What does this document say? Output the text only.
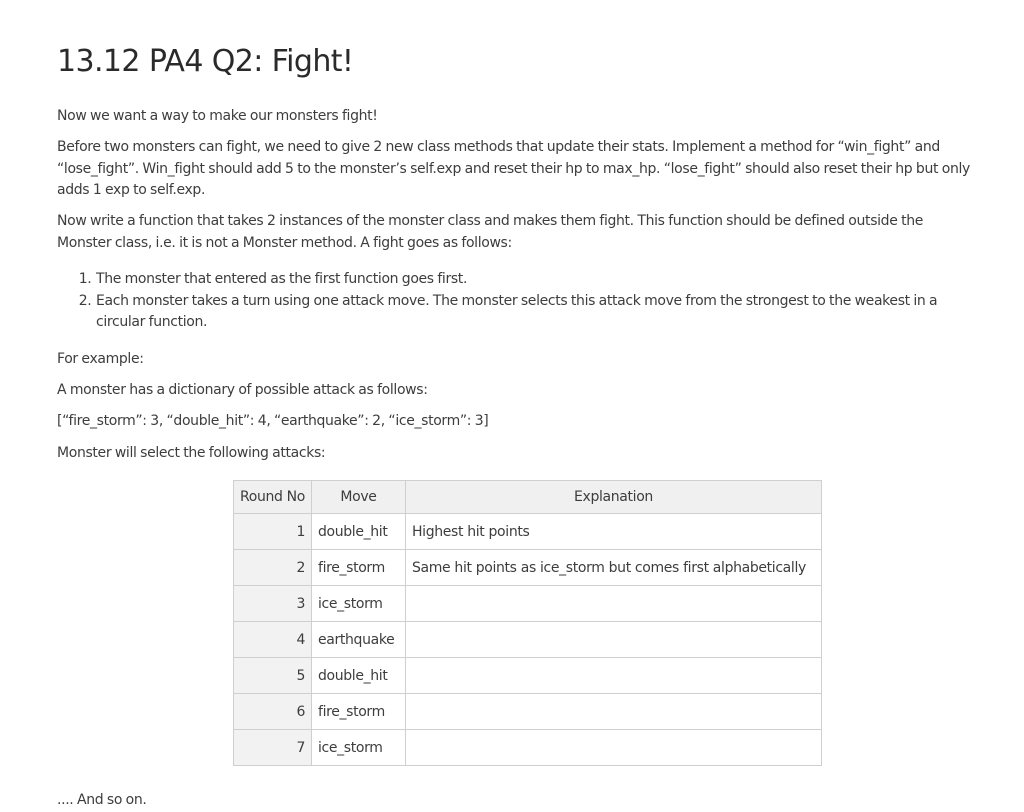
13.12 PA4 Q2: Fight!

Now we want a way to make our monsters fight!

Before two monsters can fight, we need to give 2 new class methods that update their stats. Implement a method for “win_fight” and “lose_fight”. Win_fight should add 5 to the monster’s self.exp and reset their hp to max_hp. “lose_fight” should also reset their hp but only adds 1 exp to self.exp.

Now write a function that takes 2 instances of the monster class and makes them fight. This function should be defined outside the Monster class, i.e. it is not a Monster method. A fight goes as follows:

1. The monster that entered as the first function goes first.
2. Each monster takes a turn using one attack move. The monster selects this attack move from the strongest to the weakest in a circular function.

For example:

A monster has a dictionary of possible attack as follows:

[“fire_storm”: 3, “double_hit”: 4, “earthquake”: 2, “ice_storm”: 3]

Monster will select the following attacks:

Round No	Move	Explanation
1	double_hit	Highest hit points
2	fire_storm	Same hit points as ice_storm but comes first alphabetically
3	ice_storm	
4	earthquake	
5	double_hit	
6	fire_storm	
7	ice_storm	

.... And so on.
